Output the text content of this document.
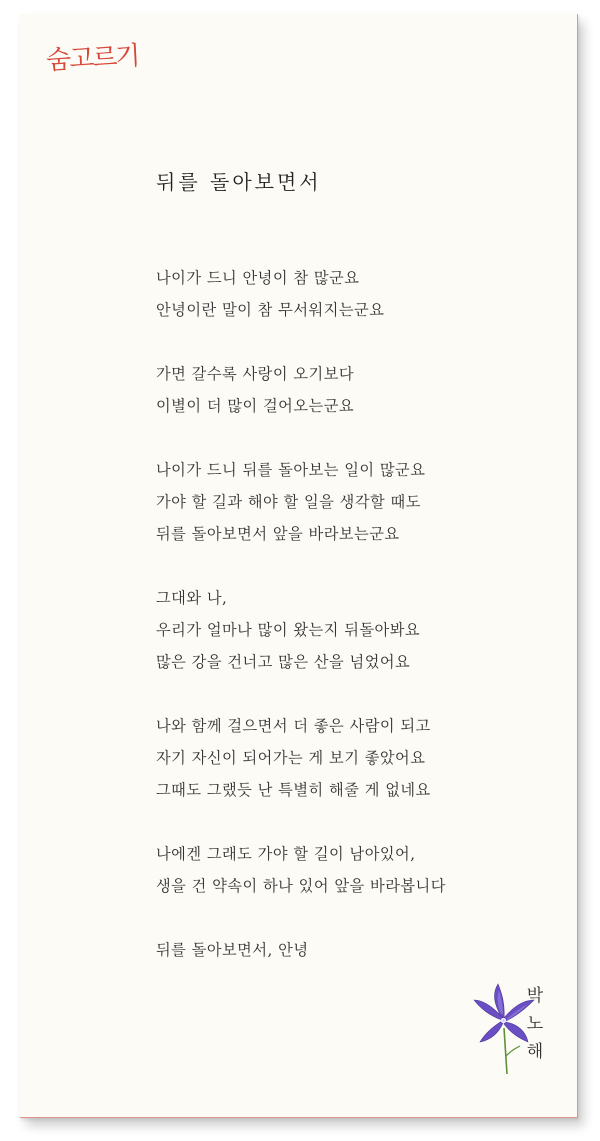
숨고르기
뒤를 돌아보면서
나이가 드니 안녕이 참 많군요
안녕이란 말이 참 무서워지는군요
가면 갈수록 사랑이 오기보다
이별이 더 많이 걸어오는군요
나이가 드니 뒤를 돌아보는 일이 많군요
가야 할 길과 해야 할 일을 생각할 때도
뒤를 돌아보면서 앞을 바라보는군요
그대와 나,
우리가 얼마나 많이 왔는지 뒤돌아봐요
많은 강을 건너고 많은 산을 넘었어요
나와 함께 걸으면서 더 좋은 사람이 되고
자기 자신이 되어가는 게 보기 좋았어요
그때도 그랬듯 난 특별히 해줄 게 없네요
나에겐 그래도 가야 할 길이 남아있어,
생을 건 약속이 하나 있어 앞을 바라봅니다
뒤를 돌아보면서, 안녕
박
노
해
